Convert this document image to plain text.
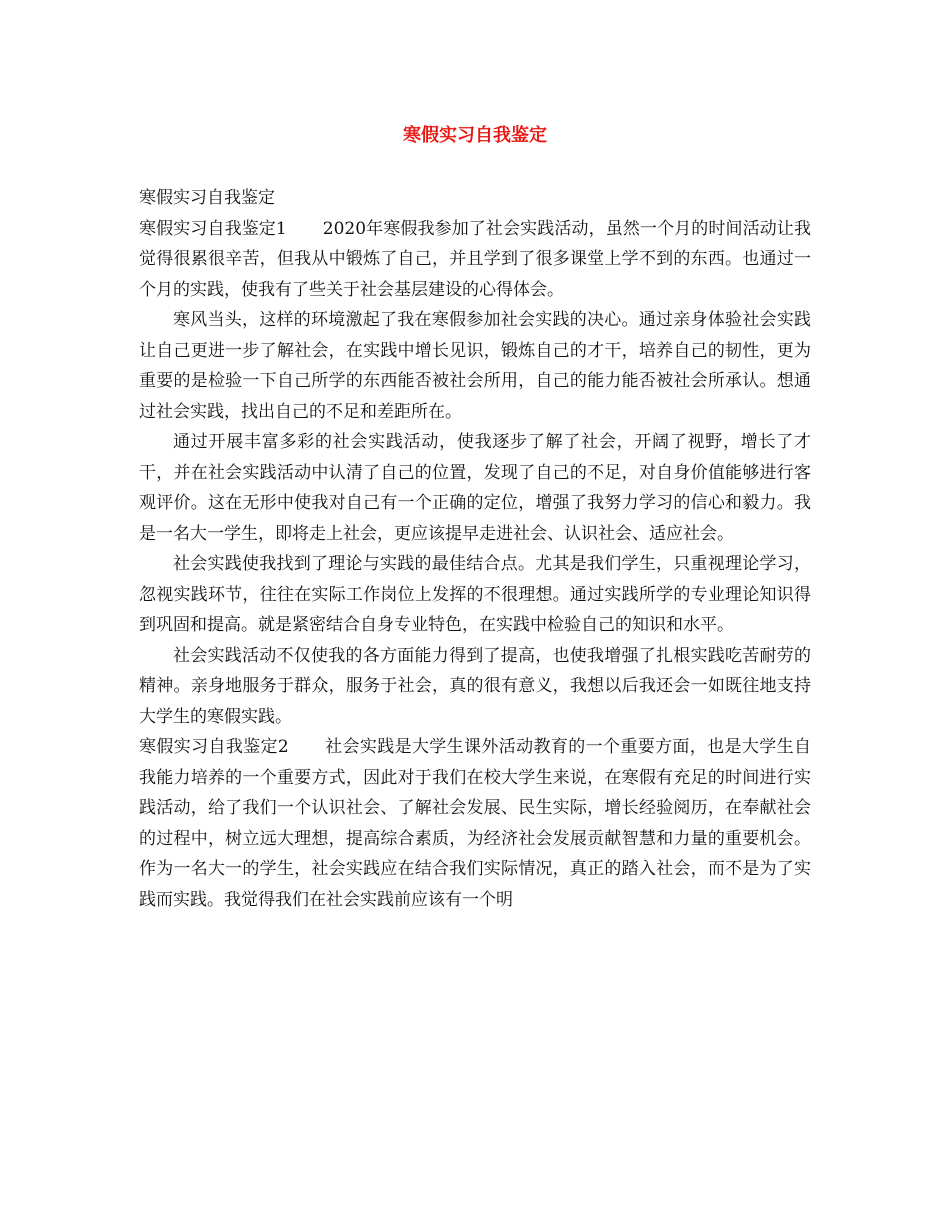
寒假实习自我鉴定

寒假实习自我鉴定

寒假实习自我鉴定1 2020年寒假我参加了社会实践活动，虽然一个月的时间活动让我觉得很累很辛苦，但我从中锻炼了自己，并且学到了很多课堂上学不到的东西。也通过一个月的实践，使我有了些关于社会基层建设的心得体会。

寒风当头，这样的环境激起了我在寒假参加社会实践的决心。通过亲身体验社会实践让自己更进一步了解社会，在实践中增长见识，锻炼自己的才干，培养自己的韧性，更为重要的是检验一下自己所学的东西能否被社会所用，自己的能力能否被社会所承认。想通过社会实践，找出自己的不足和差距所在。

通过开展丰富多彩的社会实践活动，使我逐步了解了社会，开阔了视野，增长了才干，并在社会实践活动中认清了自己的位置，发现了自己的不足，对自身价值能够进行客观评价。这在无形中使我对自己有一个正确的定位，增强了我努力学习的信心和毅力。我是一名大一学生，即将走上社会，更应该提早走进社会、认识社会、适应社会。

社会实践使我找到了理论与实践的最佳结合点。尤其是我们学生，只重视理论学习，忽视实践环节，往往在实际工作岗位上发挥的不很理想。通过实践所学的专业理论知识得到巩固和提高。就是紧密结合自身专业特色，在实践中检验自己的知识和水平。

社会实践活动不仅使我的各方面能力得到了提高，也使我增强了扎根实践吃苦耐劳的精神。亲身地服务于群众，服务于社会，真的很有意义，我想以后我还会一如既往地支持大学生的寒假实践。

寒假实习自我鉴定2 社会实践是大学生课外活动教育的一个重要方面，也是大学生自我能力培养的一个重要方式，因此对于我们在校大学生来说，在寒假有充足的时间进行实践活动，给了我们一个认识社会、了解社会发展、民生实际，增长经验阅历，在奉献社会的过程中，树立远大理想，提高综合素质，为经济社会发展贡献智慧和力量的重要机会。作为一名大一的学生，社会实践应在结合我们实际情况，真正的踏入社会，而不是为了实践而实践。我觉得我们在社会实践前应该有一个明
